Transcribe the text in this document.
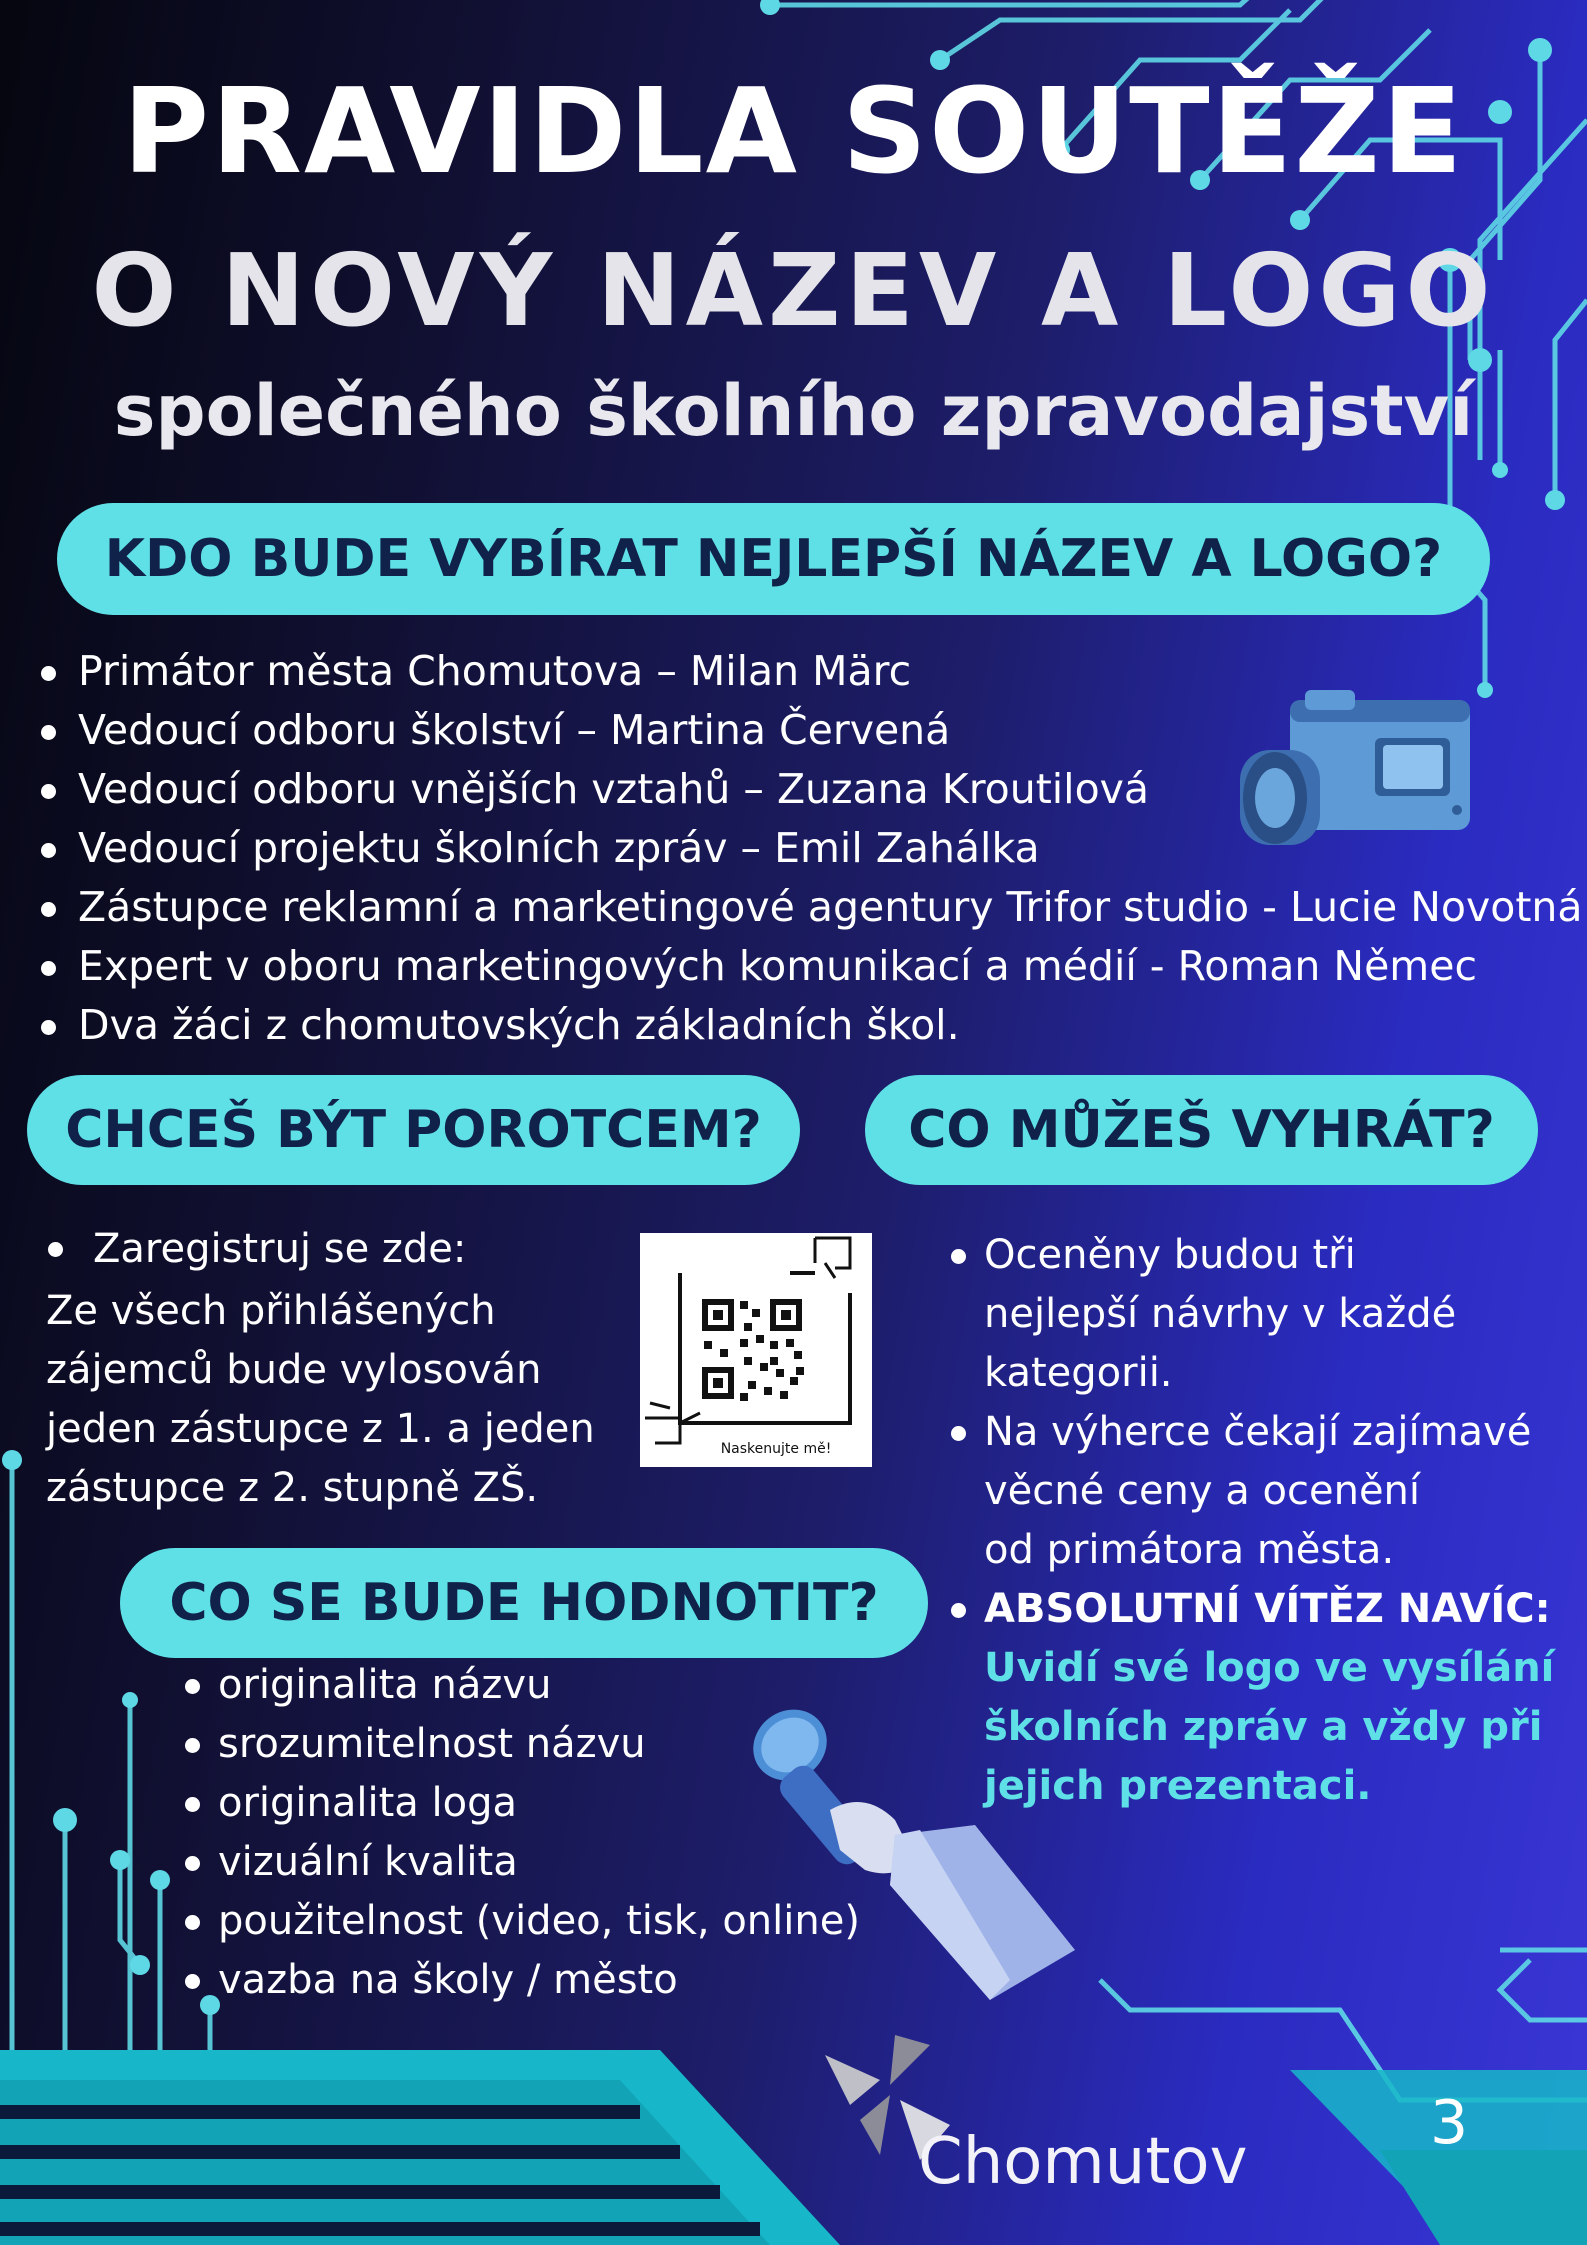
PRAVIDLA SOUTĚŽE
O NOVÝ NÁZEV A LOGO
společného školního zpravodajství
KDO BUDE VYBÍRAT NEJLEPŠÍ NÁZEV A LOGO?
Primátor města Chomutova – Milan Märc
Vedoucí odboru školství – Martina Červená
Vedoucí odboru vnějších vztahů – Zuzana Kroutilová
Vedoucí projektu školních zpráv – Emil Zahálka
Zástupce reklamní a marketingové agentury Trifor studio - Lucie Novotná
Expert v oboru marketingových komunikací a médií - Roman Němec
Dva žáci z chomutovských základních škol.
CHCEŠ BÝT POROTCEM?	CO MŮŽEŠ VYHRÁT?
Zaregistruj se zde:
Ze všech přihlášených
zájemců bude vylosován
jeden zástupce z 1. a jeden
zástupce z 2. stupně ZŠ.
Naskenujte mě!
Oceněny budou tři
nejlepší návrhy v každé
kategorii.
Na výherce čekají zajímavé
věcné ceny a ocenění
od primátora města.
ABSOLUTNÍ VÍTĚZ NAVÍC:
Uvidí své logo ve vysílání
školních zpráv a vždy při
jejich prezentaci.
CO SE BUDE HODNOTIT?
originalita názvu
srozumitelnost názvu
originalita loga
vizuální kvalita
použitelnost (video, tisk, online)
vazba na školy / město
Chomutov
3
